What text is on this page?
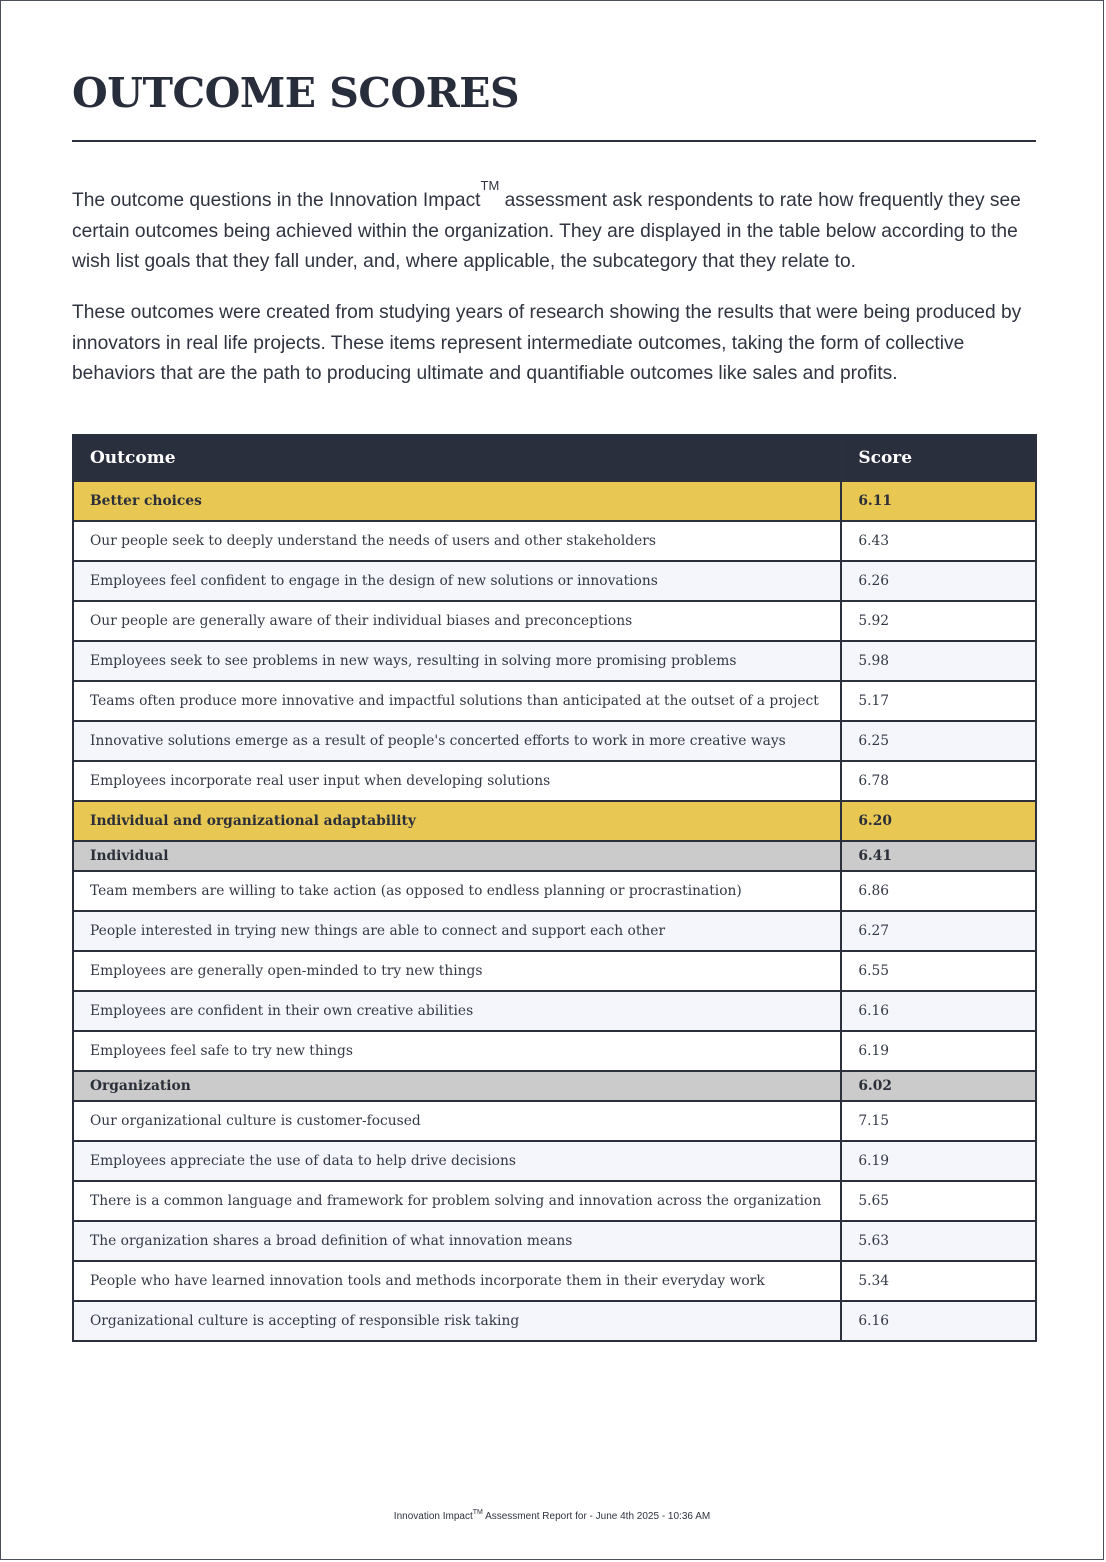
OUTCOME SCORES

The outcome questions in the Innovation Impact™ assessment ask respondents to rate how frequently they see certain outcomes being achieved within the organization. They are displayed in the table below according to the wish list goals that they fall under, and, where applicable, the subcategory that they relate to.

These outcomes were created from studying years of research showing the results that were being produced by innovators in real life projects. These items represent intermediate outcomes, taking the form of collective behaviors that are the path to producing ultimate and quantifiable outcomes like sales and profits.

Outcome	Score
Better choices	6.11
Our people seek to deeply understand the needs of users and other stakeholders	6.43
Employees feel confident to engage in the design of new solutions or innovations	6.26
Our people are generally aware of their individual biases and preconceptions	5.92
Employees seek to see problems in new ways, resulting in solving more promising problems	5.98
Teams often produce more innovative and impactful solutions than anticipated at the outset of a project	5.17
Innovative solutions emerge as a result of people's concerted efforts to work in more creative ways	6.25
Employees incorporate real user input when developing solutions	6.78
Individual and organizational adaptability	6.20
Individual	6.41
Team members are willing to take action (as opposed to endless planning or procrastination)	6.86
People interested in trying new things are able to connect and support each other	6.27
Employees are generally open-minded to try new things	6.55
Employees are confident in their own creative abilities	6.16
Employees feel safe to try new things	6.19
Organization	6.02
Our organizational culture is customer-focused	7.15
Employees appreciate the use of data to help drive decisions	6.19
There is a common language and framework for problem solving and innovation across the organization	5.65
The organization shares a broad definition of what innovation means	5.63
People who have learned innovation tools and methods incorporate them in their everyday work	5.34
Organizational culture is accepting of responsible risk taking	6.16
Innovation Impact™ Assessment Report for - June 4th 2025 - 10:36 AM
